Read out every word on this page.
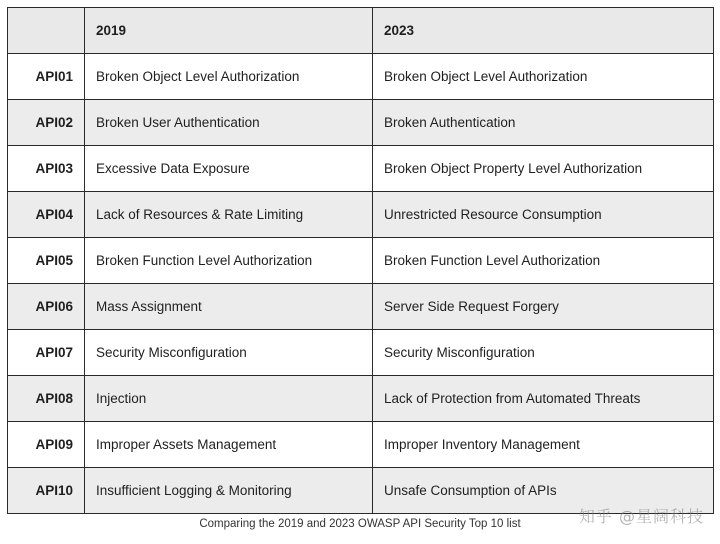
	2019	2023
API01	Broken Object Level Authorization	Broken Object Level Authorization
API02	Broken User Authentication	Broken Authentication
API03	Excessive Data Exposure	Broken Object Property Level Authorization
API04	Lack of Resources & Rate Limiting	Unrestricted Resource Consumption
API05	Broken Function Level Authorization	Broken Function Level Authorization
API06	Mass Assignment	Server Side Request Forgery
API07	Security Misconfiguration	Security Misconfiguration
API08	Injection	Lack of Protection from Automated Threats
API09	Improper Assets Management	Improper Inventory Management
API10	Insufficient Logging & Monitoring	Unsafe Consumption of APIs
知乎 @星阔科技
Comparing the 2019 and 2023 OWASP API Security Top 10 list
